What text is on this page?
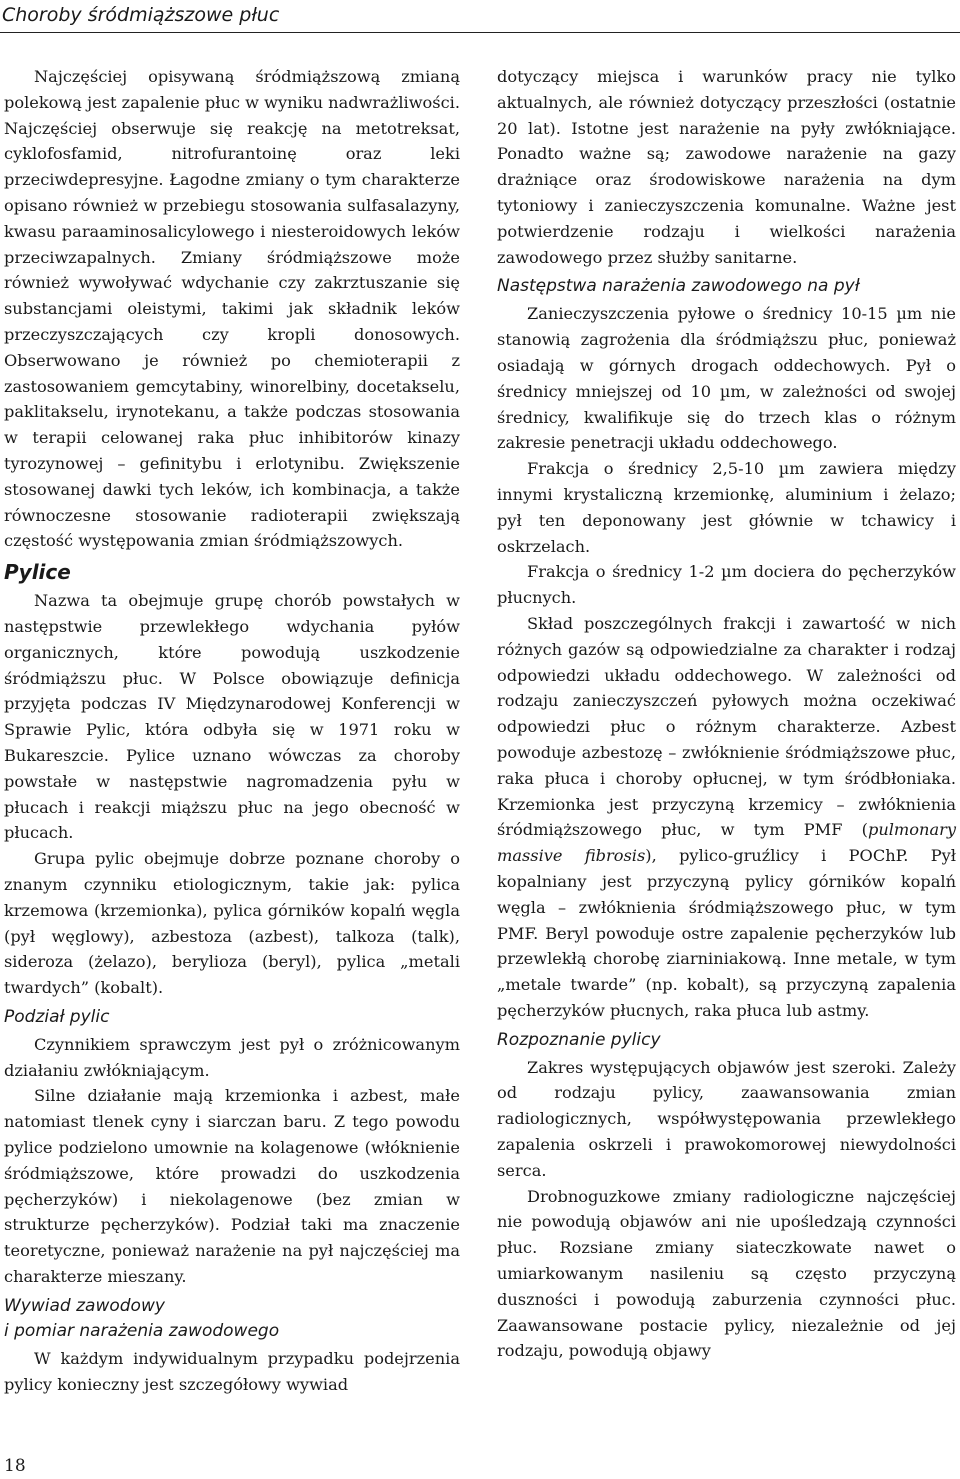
Choroby śródmiąższowe płuc

Najczęściej opisywaną śródmiąższową zmianą polekową jest zapalenie płuc w wyniku nadwrażliwości. Najczęściej obserwuje się reakcję na metotreksat, cyklofosfamid, nitrofurantoinę oraz leki przeciwdepresyjne. Łagodne zmiany o tym charakterze opisano również w przebiegu stosowania sulfasalazyny, kwasu paraaminosalicylowego i niesteroidowych leków przeciwzapalnych. Zmiany śródmiąższowe może również wywoływać wdychanie czy zakrztuszanie się substancjami oleistymi, takimi jak składnik leków przeczyszczających czy kropli donosowych. Obserwowano je również po chemioterapii z zastosowaniem gemcytabiny, winorelbiny, docetakselu, paklitakselu, irynotekanu, a także podczas stosowania w terapii celowanej raka płuc inhibitorów kinazy tyrozynowej – gefinitybu i erlotynibu. Zwiększenie stosowanej dawki tych leków, ich kombinacja, a także równoczesne stosowanie radioterapii zwiększają częstość występowania zmian śródmiąższowych.

Pylice

Nazwa ta obejmuje grupę chorób powstałych w następstwie przewlekłego wdychania pyłów organicznych, które powodują uszkodzenie śródmiąższu płuc. W Polsce obowiązuje definicja przyjęta podczas IV Międzynarodowej Konferencji w Sprawie Pylic, która odbyła się w 1971 roku w Bukareszcie. Pylice uznano wówczas za choroby powstałe w następstwie nagromadzenia pyłu w płucach i reakcji miąższu płuc na jego obecność w płucach.

Grupa pylic obejmuje dobrze poznane choroby o znanym czynniku etiologicznym, takie jak: pylica krzemowa (krzemionka), pylica górników kopalń węgla (pył węglowy), azbestoza (azbest), talkoza (talk), sideroza (żelazo), berylioza (beryl), pylica „metali twardych” (kobalt).

Podział pylic

Czynnikiem sprawczym jest pył o zróżnicowanym działaniu zwłókniającym.

Silne działanie mają krzemionka i azbest, małe natomiast tlenek cyny i siarczan baru. Z tego powodu pylice podzielono umownie na kolagenowe (włóknienie śródmiąższowe, które prowadzi do uszkodzenia pęcherzyków) i niekolagenowe (bez zmian w strukturze pęcherzyków). Podział taki ma znaczenie teoretyczne, ponieważ narażenie na pył najczęściej ma charakterze mieszany.

Wywiad zawodowy
i pomiar narażenia zawodowego

W każdym indywidualnym przypadku podejrzenia pylicy konieczny jest szczegółowy wywiad

dotyczący miejsca i warunków pracy nie tylko aktualnych, ale również dotyczący przeszłości (ostatnie 20 lat). Istotne jest narażenie na pyły zwłókniające. Ponadto ważne są; zawodowe narażenie na gazy drażniące oraz środowiskowe narażenia na dym tytoniowy i zanieczyszczenia komunalne. Ważne jest potwierdzenie rodzaju i wielkości narażenia zawodowego przez służby sanitarne.

Następstwa narażenia zawodowego na pył

Zanieczyszczenia pyłowe o średnicy 10-15 µm nie stanowią zagrożenia dla śródmiąższu płuc, ponieważ osiadają w górnych drogach oddechowych. Pył o średnicy mniejszej od 10 µm, w zależności od swojej średnicy, kwalifikuje się do trzech klas o różnym zakresie penetracji układu oddechowego.

Frakcja o średnicy 2,5-10 µm zawiera między innymi krystaliczną krzemionkę, aluminium i żelazo; pył ten deponowany jest głównie w tchawicy i oskrzelach.

Frakcja o średnicy 1-2 µm dociera do pęcherzyków płucnych.

Skład poszczególnych frakcji i zawartość w nich różnych gazów są odpowiedzialne za charakter i rodzaj odpowiedzi układu oddechowego. W zależności od rodzaju zanieczyszczeń pyłowych można oczekiwać odpowiedzi płuc o różnym charakterze. Azbest powoduje azbestozę – zwłóknienie śródmiąższowe płuc, raka płuca i choroby opłucnej, w tym śródbłoniaka. Krzemionka jest przyczyną krzemicy – zwłóknienia śródmiąższowego płuc, w tym PMF (pulmonary massive fibrosis), pylico-gruźlicy i POChP. Pył kopalniany jest przyczyną pylicy górników kopalń węgla – zwłóknienia śródmiąższowego płuc, w tym PMF. Beryl powoduje ostre zapalenie pęcherzyków lub przewlekłą chorobę ziarniniakową. Inne metale, w tym „metale twarde” (np. kobalt), są przyczyną zapalenia pęcherzyków płucnych, raka płuca lub astmy.

Rozpoznanie pylicy

Zakres występujących objawów jest szeroki. Zależy od rodzaju pylicy, zaawansowania zmian radiologicznych, współwystępowania przewlekłego zapalenia oskrzeli i prawokomorowej niewydolności serca.

Drobnoguzkowe zmiany radiologiczne najczęściej nie powodują objawów ani nie upośledzają czynności płuc. Rozsiane zmiany siateczkowate nawet o umiarkowanym nasileniu są często przyczyną duszności i powodują zaburzenia czynności płuc. Zaawansowane postacie pylicy, niezależnie od jej rodzaju, powodują objawy

18
